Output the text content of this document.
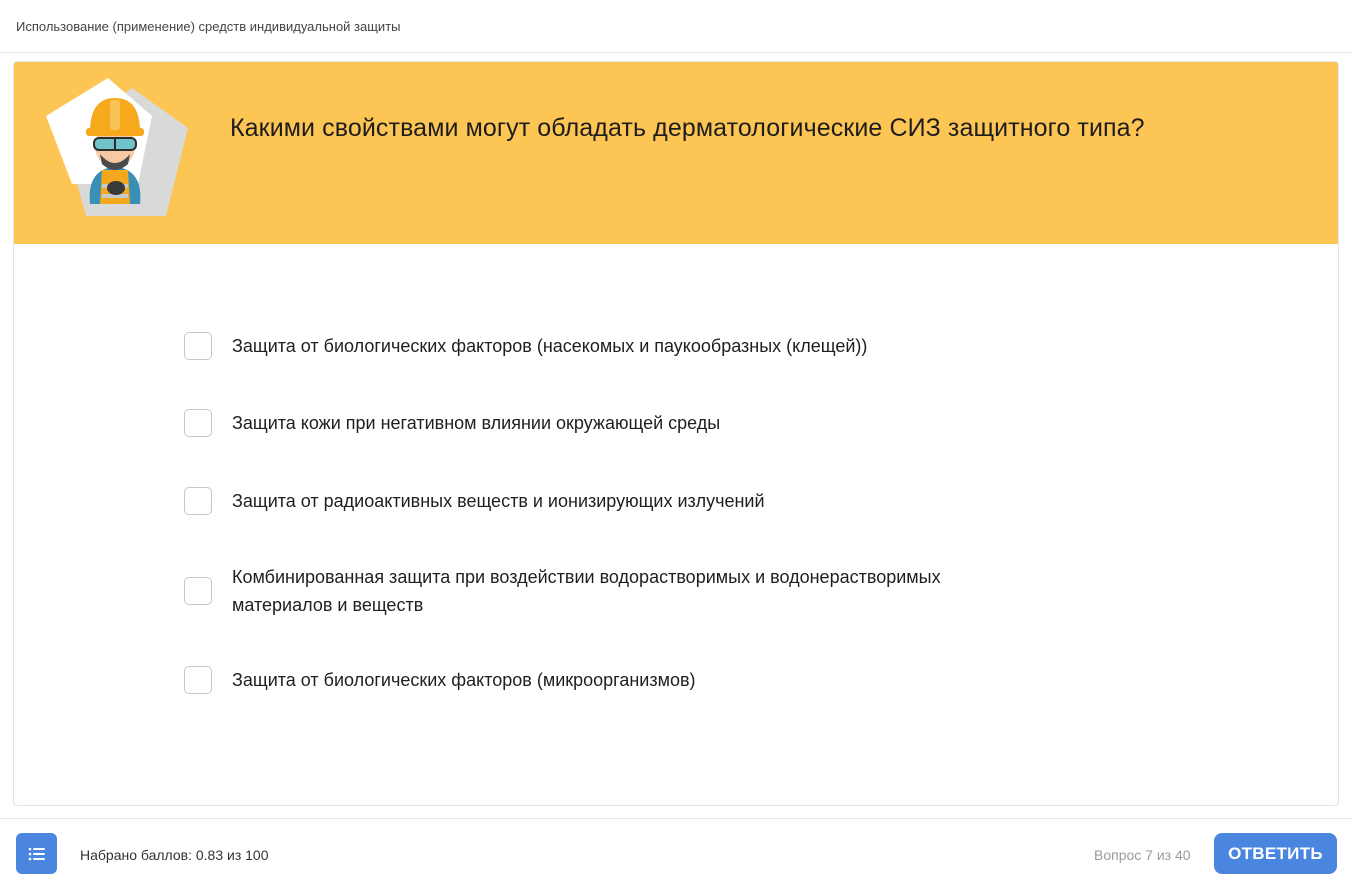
Использование (применение) средств индивидуальной защиты
Какими свойствами могут обладать дерматологические СИЗ защитного типа?
Защита от биологических факторов (насекомых и паукообразных (клещей))
Защита кожи при негативном влиянии окружающей среды
Защита от радиоактивных веществ и ионизирующих излучений
Комбинированная защита при воздействии водорастворимых и водонерастворимых материалов и веществ
Защита от биологических факторов (микроорганизмов)
Набрано баллов: 0.83 из 100	Вопрос 7 из 40	ОТВЕТИТЬ
